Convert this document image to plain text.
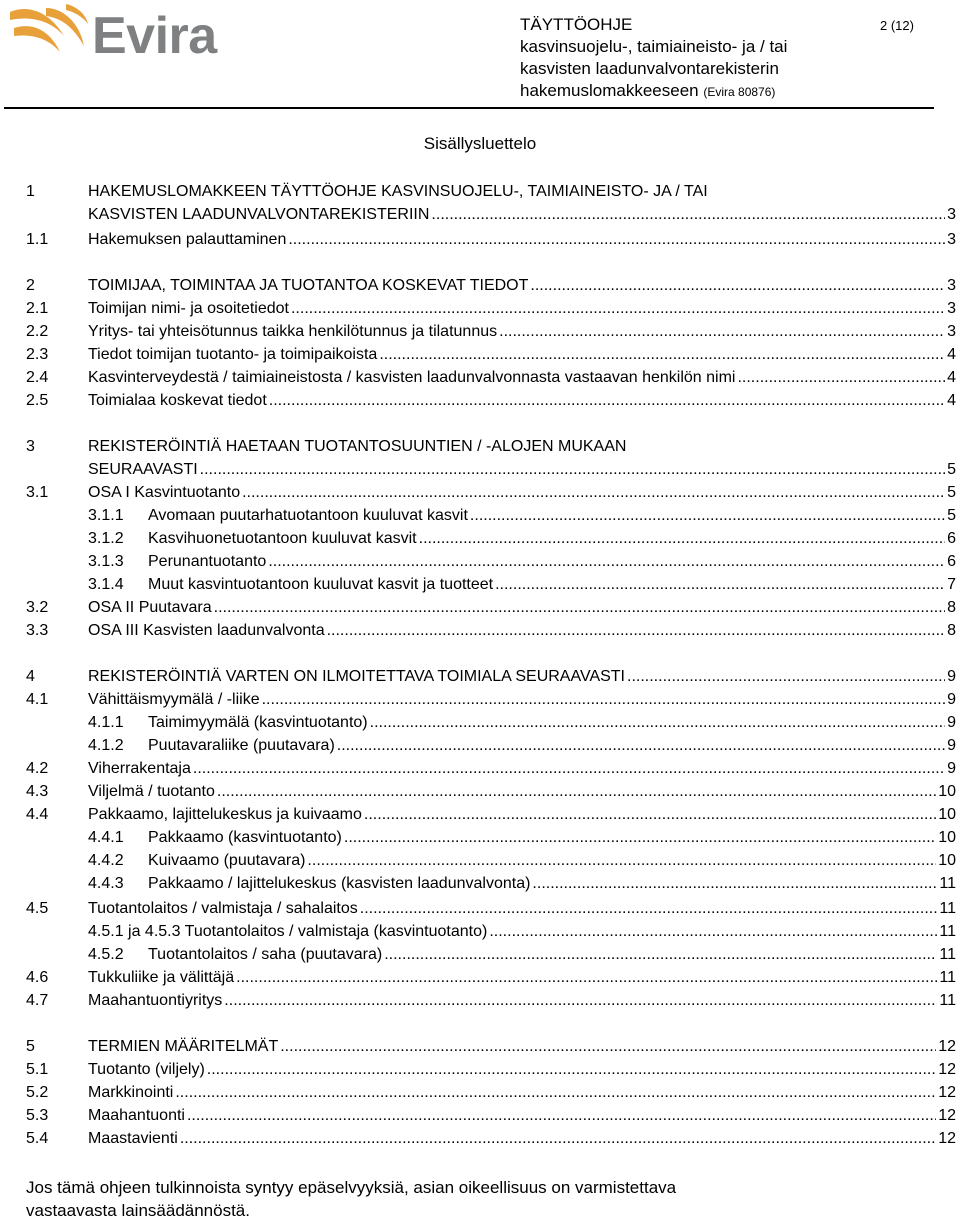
Evira	TÄYTTÖOHJE
kasvinsuojelu-, taimiaineisto- ja / tai
kasvisten laadunvalvontarekisterin
hakemuslomakkeeseen (Evira 80876)
2 (12)
Sisällysluettelo
1	HAKEMUSLOMAKKEEN TÄYTTÖOHJE KASVINSUOJELU-, TAIMIAINEISTO- JA / TAI
KASVISTEN LAADUNVALVONTAREKISTERIIN .....	3
1.1 Hakemuksen palauttaminen .....	3
2	TOIMIJAA, TOIMINTAA JA TUOTANTOA KOSKEVAT TIEDOT .....	3
2.1 Toimijan nimi- ja osoitetiedot .....	3
2.2 Yritys- tai yhteisötunnus taikka henkilötunnus ja tilatunnus .....	3
2.3 Tiedot toimijan tuotanto- ja toimipaikoista .....	4
2.4 Kasvinterveydestä / taimiaineistosta / kasvisten laadunvalvonnasta vastaavan henkilön nimi .....	4
2.5 Toimialaa koskevat tiedot .....	4
3	REKISTERÖINTIÄ HAETAAN TUOTANTOSUUNTIEN / -ALOJEN MUKAAN
SEURAAVASTI .....	5
3.1 OSA I Kasvintuotanto .....	5
3.1.1 Avomaan puutarhatuotantoon kuuluvat kasvit .....	5
3.1.2 Kasvihuonetuotantoon kuuluvat kasvit .....	6
3.1.3 Perunantuotanto .....	6
3.1.4 Muut kasvintuotantoon kuuluvat kasvit ja tuotteet .....	7
3.2 OSA II Puutavara .....	8
3.3 OSA III Kasvisten laadunvalvonta .....	8
4	REKISTERÖINTIÄ VARTEN ON ILMOITETTAVA TOIMIALA SEURAAVASTI .....	9
4.1 Vähittäismyymälä / -liike .....	9
4.1.1 Taimimyymälä (kasvintuotanto) .....	9
4.1.2 Puutavaraliike (puutavara) .....	9
4.2 Viherrakentaja .....	9
4.3 Viljelmä / tuotanto .....	10
4.4 Pakkaamo, lajittelukeskus ja kuivaamo .....	10
4.4.1 Pakkaamo (kasvintuotanto) .....	10
4.4.2 Kuivaamo (puutavara) .....	10
4.4.3 Pakkaamo / lajittelukeskus (kasvisten laadunvalvonta) .....	11
4.5 Tuotantolaitos / valmistaja / sahalaitos .....	11
4.5.1 ja 4.5.3 Tuotantolaitos / valmistaja (kasvintuotanto) .....	11
4.5.2 Tuotantolaitos / saha (puutavara) .....	11
4.6 Tukkuliike ja välittäjä .....	11
4.7 Maahantuontiyritys .....	11
5	TERMIEN MÄÄRITELMÄT .....	12
5.1 Tuotanto (viljely) .....	12
5.2 Markkinointi .....	12
5.3 Maahantuonti .....	12
5.4 Maastavienti .....	12
Jos tämä ohjeen tulkinnoista syntyy epäselvyyksiä, asian oikeellisuus on varmistettava
vastaavasta lainsäädännöstä.
